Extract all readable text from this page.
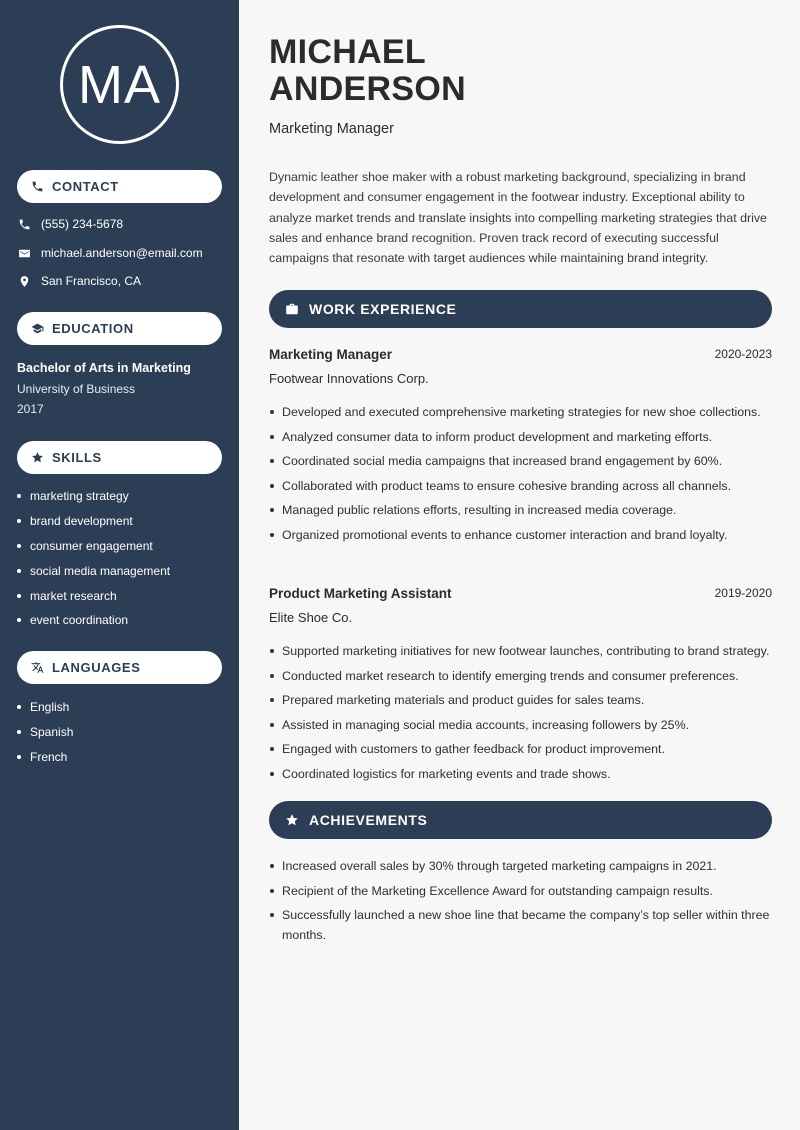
MA
CONTACT
(555) 234-5678
michael.anderson@email.com
San Francisco, CA
EDUCATION
Bachelor of Arts in Marketing
University of Business
2017
SKILLS
marketing strategy
brand development
consumer engagement
social media management
market research
event coordination
LANGUAGES
English
Spanish
French
MICHAEL
ANDERSON
Marketing Manager

Dynamic leather shoe maker with a robust marketing background, specializing in brand development and consumer engagement in the footwear industry. Exceptional ability to analyze market trends and translate insights into compelling marketing strategies that drive sales and enhance brand recognition. Proven track record of executing successful campaigns that resonate with target audiences while maintaining brand integrity.

WORK EXPERIENCE
Marketing Manager	2020-2023
Footwear Innovations Corp.
Developed and executed comprehensive marketing strategies for new shoe collections.
Analyzed consumer data to inform product development and marketing efforts.
Coordinated social media campaigns that increased brand engagement by 60%.
Collaborated with product teams to ensure cohesive branding across all channels.
Managed public relations efforts, resulting in increased media coverage.
Organized promotional events to enhance customer interaction and brand loyalty.
Product Marketing Assistant	2019-2020
Elite Shoe Co.
Supported marketing initiatives for new footwear launches, contributing to brand strategy.
Conducted market research to identify emerging trends and consumer preferences.
Prepared marketing materials and product guides for sales teams.
Assisted in managing social media accounts, increasing followers by 25%.
Engaged with customers to gather feedback for product improvement.
Coordinated logistics for marketing events and trade shows.
ACHIEVEMENTS
Increased overall sales by 30% through targeted marketing campaigns in 2021.
Recipient of the Marketing Excellence Award for outstanding campaign results.
Successfully launched a new shoe line that became the company’s top seller within three months.
